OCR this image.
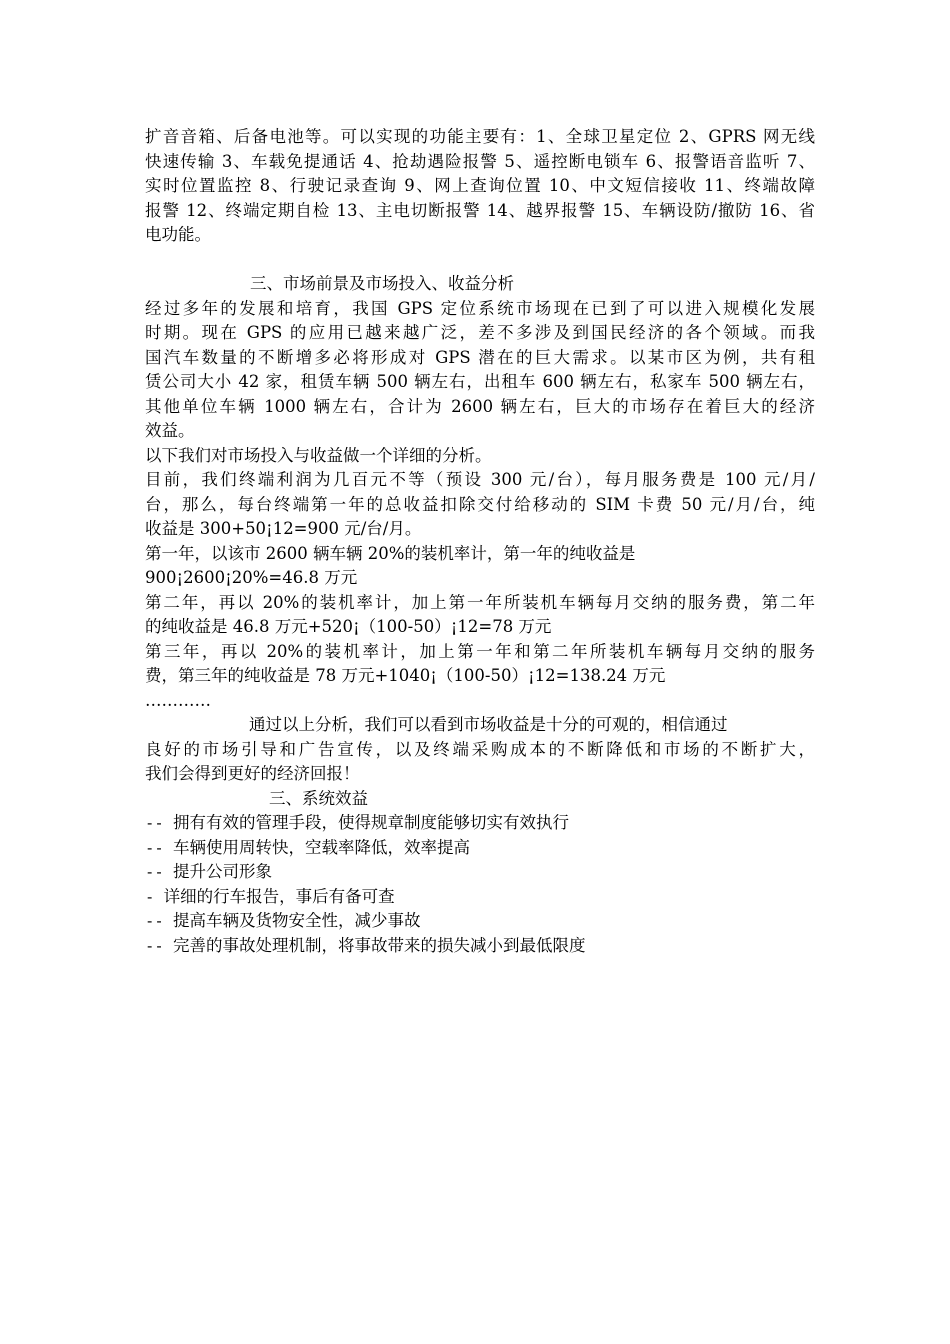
扩音音箱、后备电池等。可以实现的功能主要有：1、全球卫星定位 2、GPRS 网无线

快速传输 3、车载免提通话 4、抢劫遇险报警 5、遥控断电锁车 6、报警语音监听 7、

实时位置监控 8、行驶记录查询 9、网上查询位置 10、中文短信接收 11、终端故障

报警 12、终端定期自检 13、主电切断报警 14、越界报警 15、车辆设防/撤防 16、省

电功能。

三、市场前景及市场投入、收益分析

经过多年的发展和培育，我国 GPS 定位系统市场现在已到了可以进入规模化发展

时期。现在 GPS 的应用已越来越广泛，差不多涉及到国民经济的各个领域。而我

国汽车数量的不断增多必将形成对 GPS 潜在的巨大需求。以某市区为例，共有租

赁公司大小 42 家，租赁车辆 500 辆左右，出租车 600 辆左右，私家车 500 辆左右，

其他单位车辆 1000 辆左右，合计为 2600 辆左右，巨大的市场存在着巨大的经济

效益。

以下我们对市场投入与收益做一个详细的分析。

目前，我们终端利润为几百元不等（预设 300 元/台），每月服务费是 100 元/月/

台，那么，每台终端第一年的总收益扣除交付给移动的 SIM 卡费 50 元/月/台，纯

收益是 300+50¡12=900 元/台/月。

第一年，以该市 2600 辆车辆 20%的装机率计，第一年的纯收益是

900¡2600¡20%=46.8 万元

第二年，再以 20%的装机率计，加上第一年所装机车辆每月交纳的服务费，第二年

的纯收益是 46.8 万元+520¡（100-50）¡12=78 万元

第三年，再以 20%的装机率计，加上第一年和第二年所装机车辆每月交纳的服务

费，第三年的纯收益是 78 万元+1040¡（100-50）¡12=138.24 万元

…………

通过以上分析，我们可以看到市场收益是十分的可观的，相信通过

良好的市场引导和广告宣传，以及终端采购成本的不断降低和市场的不断扩大，

我们会得到更好的经济回报！

三、系统效益

-- 拥有有效的管理手段，使得规章制度能够切实有效执行

-- 车辆使用周转快，空载率降低，效率提高

-- 提升公司形象

- 详细的行车报告，事后有备可查

-- 提高车辆及货物安全性，减少事故

-- 完善的事故处理机制，将事故带来的损失减小到最低限度
